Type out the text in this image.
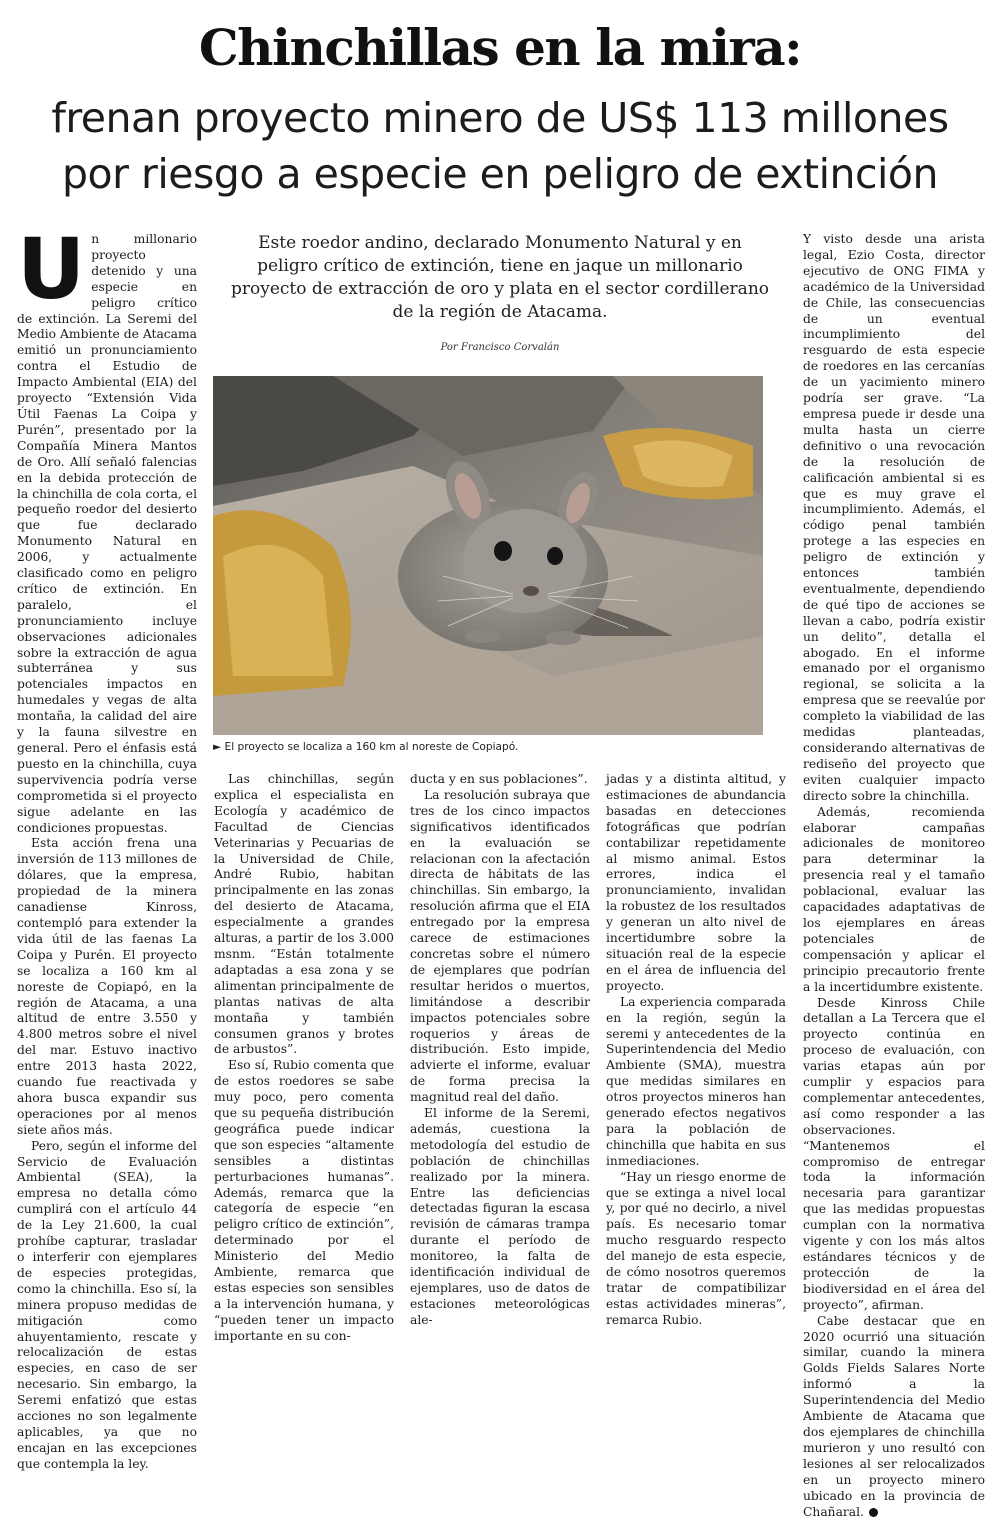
Chinchillas en la mira:
frenan proyecto minero de US$ 113 millones
por riesgo a especie en peligro de extinción

Un millonario proyecto detenido y una especie en peligro crítico de extinción. La Seremi del Medio Ambiente de Atacama emitió un pronunciamiento contra el Estudio de Impacto Ambiental (EIA) del proyecto “Extensión Vida Útil Faenas La Coipa y Purén”, presentado por la Compañía Minera Mantos de Oro. Allí señaló falencias en la debida protección de la chinchilla de cola corta, el pequeño roedor del desierto que fue declarado Monumento Natural en 2006, y actualmente clasificado como en peligro crítico de extinción. En paralelo, el pronunciamiento incluye observaciones adicionales sobre la extracción de agua subterránea y sus potenciales impactos en humedales y vegas de alta montaña, la calidad del aire y la fauna silvestre en general. Pero el énfasis está puesto en la chinchilla, cuya supervivencia podría verse comprometida si el proyecto sigue adelante en las condiciones propuestas.

Esta acción frena una inversión de 113 millones de dólares, que la empresa, propiedad de la minera canadiense Kinross, contempló para extender la vida útil de las faenas La Coipa y Purén. El proyecto se localiza a 160 km al noreste de Copiapó, en la región de Atacama, a una altitud de entre 3.550 y 4.800 metros sobre el nivel del mar. Estuvo inactivo entre 2013 hasta 2022, cuando fue reactivada y ahora busca expandir sus operaciones por al menos siete años más.

Pero, según el informe del Servicio de Evaluación Ambiental (SEA), la empresa no detalla cómo cumplirá con el artículo 44 de la Ley 21.600, la cual prohíbe capturar, trasladar o interferir con ejemplares de especies protegidas, como la chinchilla. Eso sí, la minera propuso medidas de mitigación como ahuyentamiento, rescate y relocalización de estas especies, en caso de ser necesario. Sin embargo, la Seremi enfatizó que estas acciones no son legalmente aplicables, ya que no encajan en las excepciones que contempla la ley.

Este roedor andino, declarado Monumento Natural y en peligro crítico de extinción, tiene en jaque un millonario proyecto de extracción de oro y plata en el sector cordillerano de la región de Atacama.
Por Francisco Corvalán
► El proyecto se localiza a 160 km al noreste de Copiapó.

Las chinchillas, según explica el especialista en Ecología y académico de Facultad de Ciencias Veterinarias y Pecuarias de la Universidad de Chile, André Rubio, habitan principalmente en las zonas del desierto de Atacama, especialmente a grandes alturas, a partir de los 3.000 msnm. “Están totalmente adaptadas a esa zona y se alimentan principalmente de plantas nativas de alta montaña y también consumen granos y brotes de arbustos”.

Eso sí, Rubio comenta que de estos roedores se sabe muy poco, pero comenta que su pequeña distribución geográfica puede indicar que son especies “altamente sensibles a distintas perturbaciones humanas”. Además, remarca que la categoría de especie “en peligro crítico de extinción”, determinado por el Ministerio del Medio Ambiente, remarca que estas especies son sensibles a la intervención humana, y “pueden tener un impacto importante en su con-

ducta y en sus poblaciones”.

La resolución subraya que tres de los cinco impactos significativos identificados en la evaluación se relacionan con la afectación directa de hábitats de las chinchillas. Sin embargo, la resolución afirma que el EIA entregado por la empresa carece de estimaciones concretas sobre el número de ejemplares que podrían resultar heridos o muertos, limitándose a describir impactos potenciales sobre roquerios y áreas de distribución. Esto impide, advierte el informe, evaluar de forma precisa la magnitud real del daño.

El informe de la Seremi, además, cuestiona la metodología del estudio de población de chinchillas realizado por la minera. Entre las deficiencias detectadas figuran la escasa revisión de cámaras trampa durante el período de monitoreo, la falta de identificación individual de ejemplares, uso de datos de estaciones meteorológicas ale-

jadas y a distinta altitud, y estimaciones de abundancia basadas en detecciones fotográficas que podrían contabilizar repetidamente al mismo animal. Estos errores, indica el pronunciamiento, invalidan la robustez de los resultados y generan un alto nivel de incertidumbre sobre la situación real de la especie en el área de influencia del proyecto.

La experiencia comparada en la región, según la seremi y antecedentes de la Superintendencia del Medio Ambiente (SMA), muestra que medidas similares en otros proyectos mineros han generado efectos negativos para la población de chinchilla que habita en sus inmediaciones.

“Hay un riesgo enorme de que se extinga a nivel local y, por qué no decirlo, a nivel país. Es necesario tomar mucho resguardo respecto del manejo de esta especie, de cómo nosotros queremos tratar de compatibilizar estas actividades mineras”, remarca Rubio.

Y visto desde una arista legal, Ezio Costa, director ejecutivo de ONG FIMA y académico de la Universidad de Chile, las consecuencias de un eventual incumplimiento del resguardo de esta especie de roedores en las cercanías de un yacimiento minero podría ser grave. “La empresa puede ir desde una multa hasta un cierre definitivo o una revocación de la resolución de calificación ambiental si es que es muy grave el incumplimiento. Además, el código penal también protege a las especies en peligro de extinción y entonces también eventualmente, dependiendo de qué tipo de acciones se llevan a cabo, podría existir un delito”, detalla el abogado. En el informe emanado por el organismo regional, se solicita a la empresa que se reevalúe por completo la viabilidad de las medidas planteadas, considerando alternativas de rediseño del proyecto que eviten cualquier impacto directo sobre la chinchilla.

Además, recomienda elaborar campañas adicionales de monitoreo para determinar la presencia real y el tamaño poblacional, evaluar las capacidades adaptativas de los ejemplares en áreas potenciales de compensación y aplicar el principio precautorio frente a la incertidumbre existente.

Desde Kinross Chile detallan a La Tercera que el proyecto continúa en proceso de evaluación, con varias etapas aún por cumplir y espacios para complementar antecedentes, así como responder a las observaciones. “Mantenemos el compromiso de entregar toda la información necesaria para garantizar que las medidas propuestas cumplan con la normativa vigente y con los más altos estándares técnicos y de protección de la biodiversidad en el área del proyecto”, afirman.

Cabe destacar que en 2020 ocurrió una situación similar, cuando la minera Golds Fields Salares Norte informó a la Superintendencia del Medio Ambiente de Atacama que dos ejemplares de chinchilla murieron y uno resultó con lesiones al ser relocalizados en un proyecto minero ubicado en la provincia de Chañaral.
